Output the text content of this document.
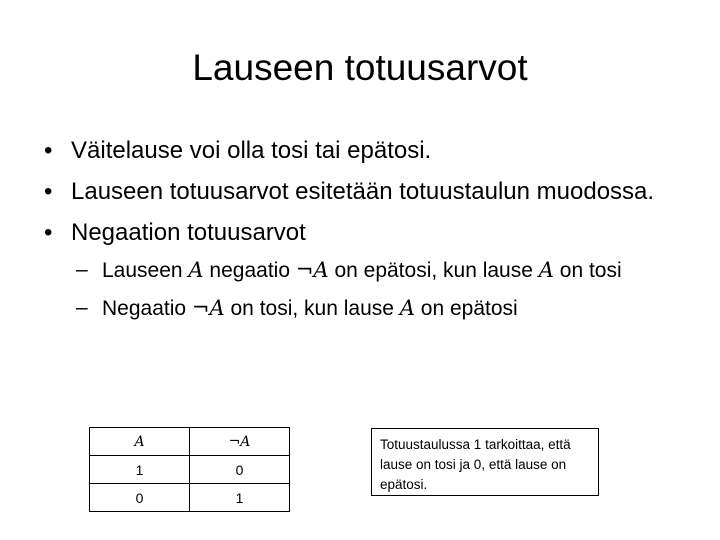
Lauseen totuusarvot
• Väitelause voi olla tosi tai epätosi.
• Lauseen totuusarvot esitetään totuustaulun muodossa.
• Negaation totuusarvot
– Lauseen A negaatio ¬A on epätosi, kun lause A on tosi
– Negaatio ¬A on tosi, kun lause A on epätosi
A	¬A
1	0
0	1
Totuustaulussa 1 tarkoittaa, että lause on tosi ja 0, että lause on epätosi.
